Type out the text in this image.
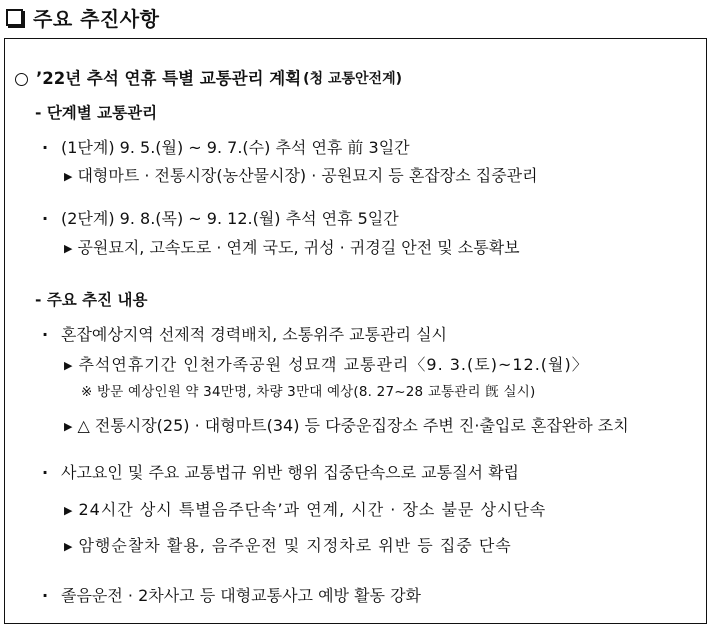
주요 추진사항
’22년 추석 연휴 특별 교통관리 계획 (청 교통안전계)
- 단계별 교통관리
· (1단계) 9. 5.(월) ~ 9. 7.(수) 추석 연휴 前 3일간
▶ 대형마트 · 전통시장(농산물시장) · 공원묘지 등 혼잡장소 집중관리
· (2단계) 9. 8.(목) ~ 9. 12.(월) 추석 연휴 5일간
▶ 공원묘지, 고속도로 · 연계 국도, 귀성 · 귀경길 안전 및 소통확보
- 주요 추진 내용
· 혼잡예상지역 선제적 경력배치, 소통위주 교통관리 실시
▶ 추석연휴기간 인천가족공원 성묘객 교통관리〈9. 3.(토)~12.(월)〉
※ 방문 예상인원 약 34만명, 차량 3만대 예상(8. 27~28 교통관리 旣 실시)
▶ △ 전통시장(25) · 대형마트(34) 등 다중운집장소 주변 진·출입로 혼잡완하 조치
· 사고요인 및 주요 교통법규 위반 행위 집중단속으로 교통질서 확립
▶ 24시간 상시 특별음주단속’과 연계, 시간 · 장소 불문 상시단속
▶ 암행순찰차 활용, 음주운전 및 지정차로 위반 등 집중 단속
· 졸음운전 · 2차사고 등 대형교통사고 예방 활동 강화
